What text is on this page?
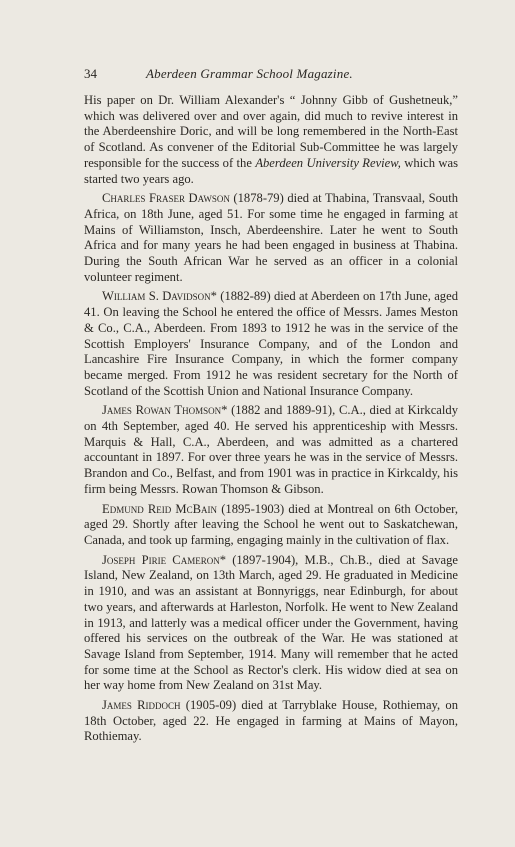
34	Aberdeen Grammar School Magazine.

His paper on Dr. William Alexander's “ Johnny Gibb of Gushetneuk,” which was delivered over and over again, did much to revive interest in the Aberdeenshire Doric, and will be long remembered in the North-East of Scotland. As convener of the Editorial Sub-Committee he was largely responsible for the success of the Aberdeen University Review, which was started two years ago.

Charles Fraser Dawson (1878-79) died at Thabina, Transvaal, South Africa, on 18th June, aged 51. For some time he engaged in farming at Mains of Williamston, Insch, Aberdeenshire. Later he went to South Africa and for many years he had been engaged in business at Thabina. During the South African War he served as an officer in a colonial volunteer regiment.

William S. Davidson* (1882-89) died at Aberdeen on 17th June, aged 41. On leaving the School he entered the office of Messrs. James Meston & Co., C.A., Aberdeen. From 1893 to 1912 he was in the service of the Scottish Employers' Insurance Company, and of the London and Lancashire Fire Insurance Company, in which the former company became merged. From 1912 he was resident secretary for the North of Scotland of the Scottish Union and National Insurance Company.

James Rowan Thomson* (1882 and 1889-91), C.A., died at Kirkcaldy on 4th September, aged 40. He served his apprenticeship with Messrs. Marquis & Hall, C.A., Aberdeen, and was admitted as a chartered accountant in 1897. For over three years he was in the service of Messrs. Brandon and Co., Belfast, and from 1901 was in practice in Kirkcaldy, his firm being Messrs. Rowan Thomson & Gibson.

Edmund Reid McBain (1895-1903) died at Montreal on 6th October, aged 29. Shortly after leaving the School he went out to Saskatchewan, Canada, and took up farming, engaging mainly in the cultivation of flax.

Joseph Pirie Cameron* (1897-1904), M.B., Ch.B., died at Savage Island, New Zealand, on 13th March, aged 29. He graduated in Medicine in 1910, and was an assistant at Bonnyriggs, near Edinburgh, for about two years, and afterwards at Harleston, Norfolk. He went to New Zealand in 1913, and latterly was a medical officer under the Government, having offered his services on the outbreak of the War. He was stationed at Savage Island from September, 1914. Many will remember that he acted for some time at the School as Rector's clerk. His widow died at sea on her way home from New Zealand on 31st May.

James Riddoch (1905-09) died at Tarryblake House, Rothiemay, on 18th October, aged 22. He engaged in farming at Mains of Mayon, Rothiemay.
